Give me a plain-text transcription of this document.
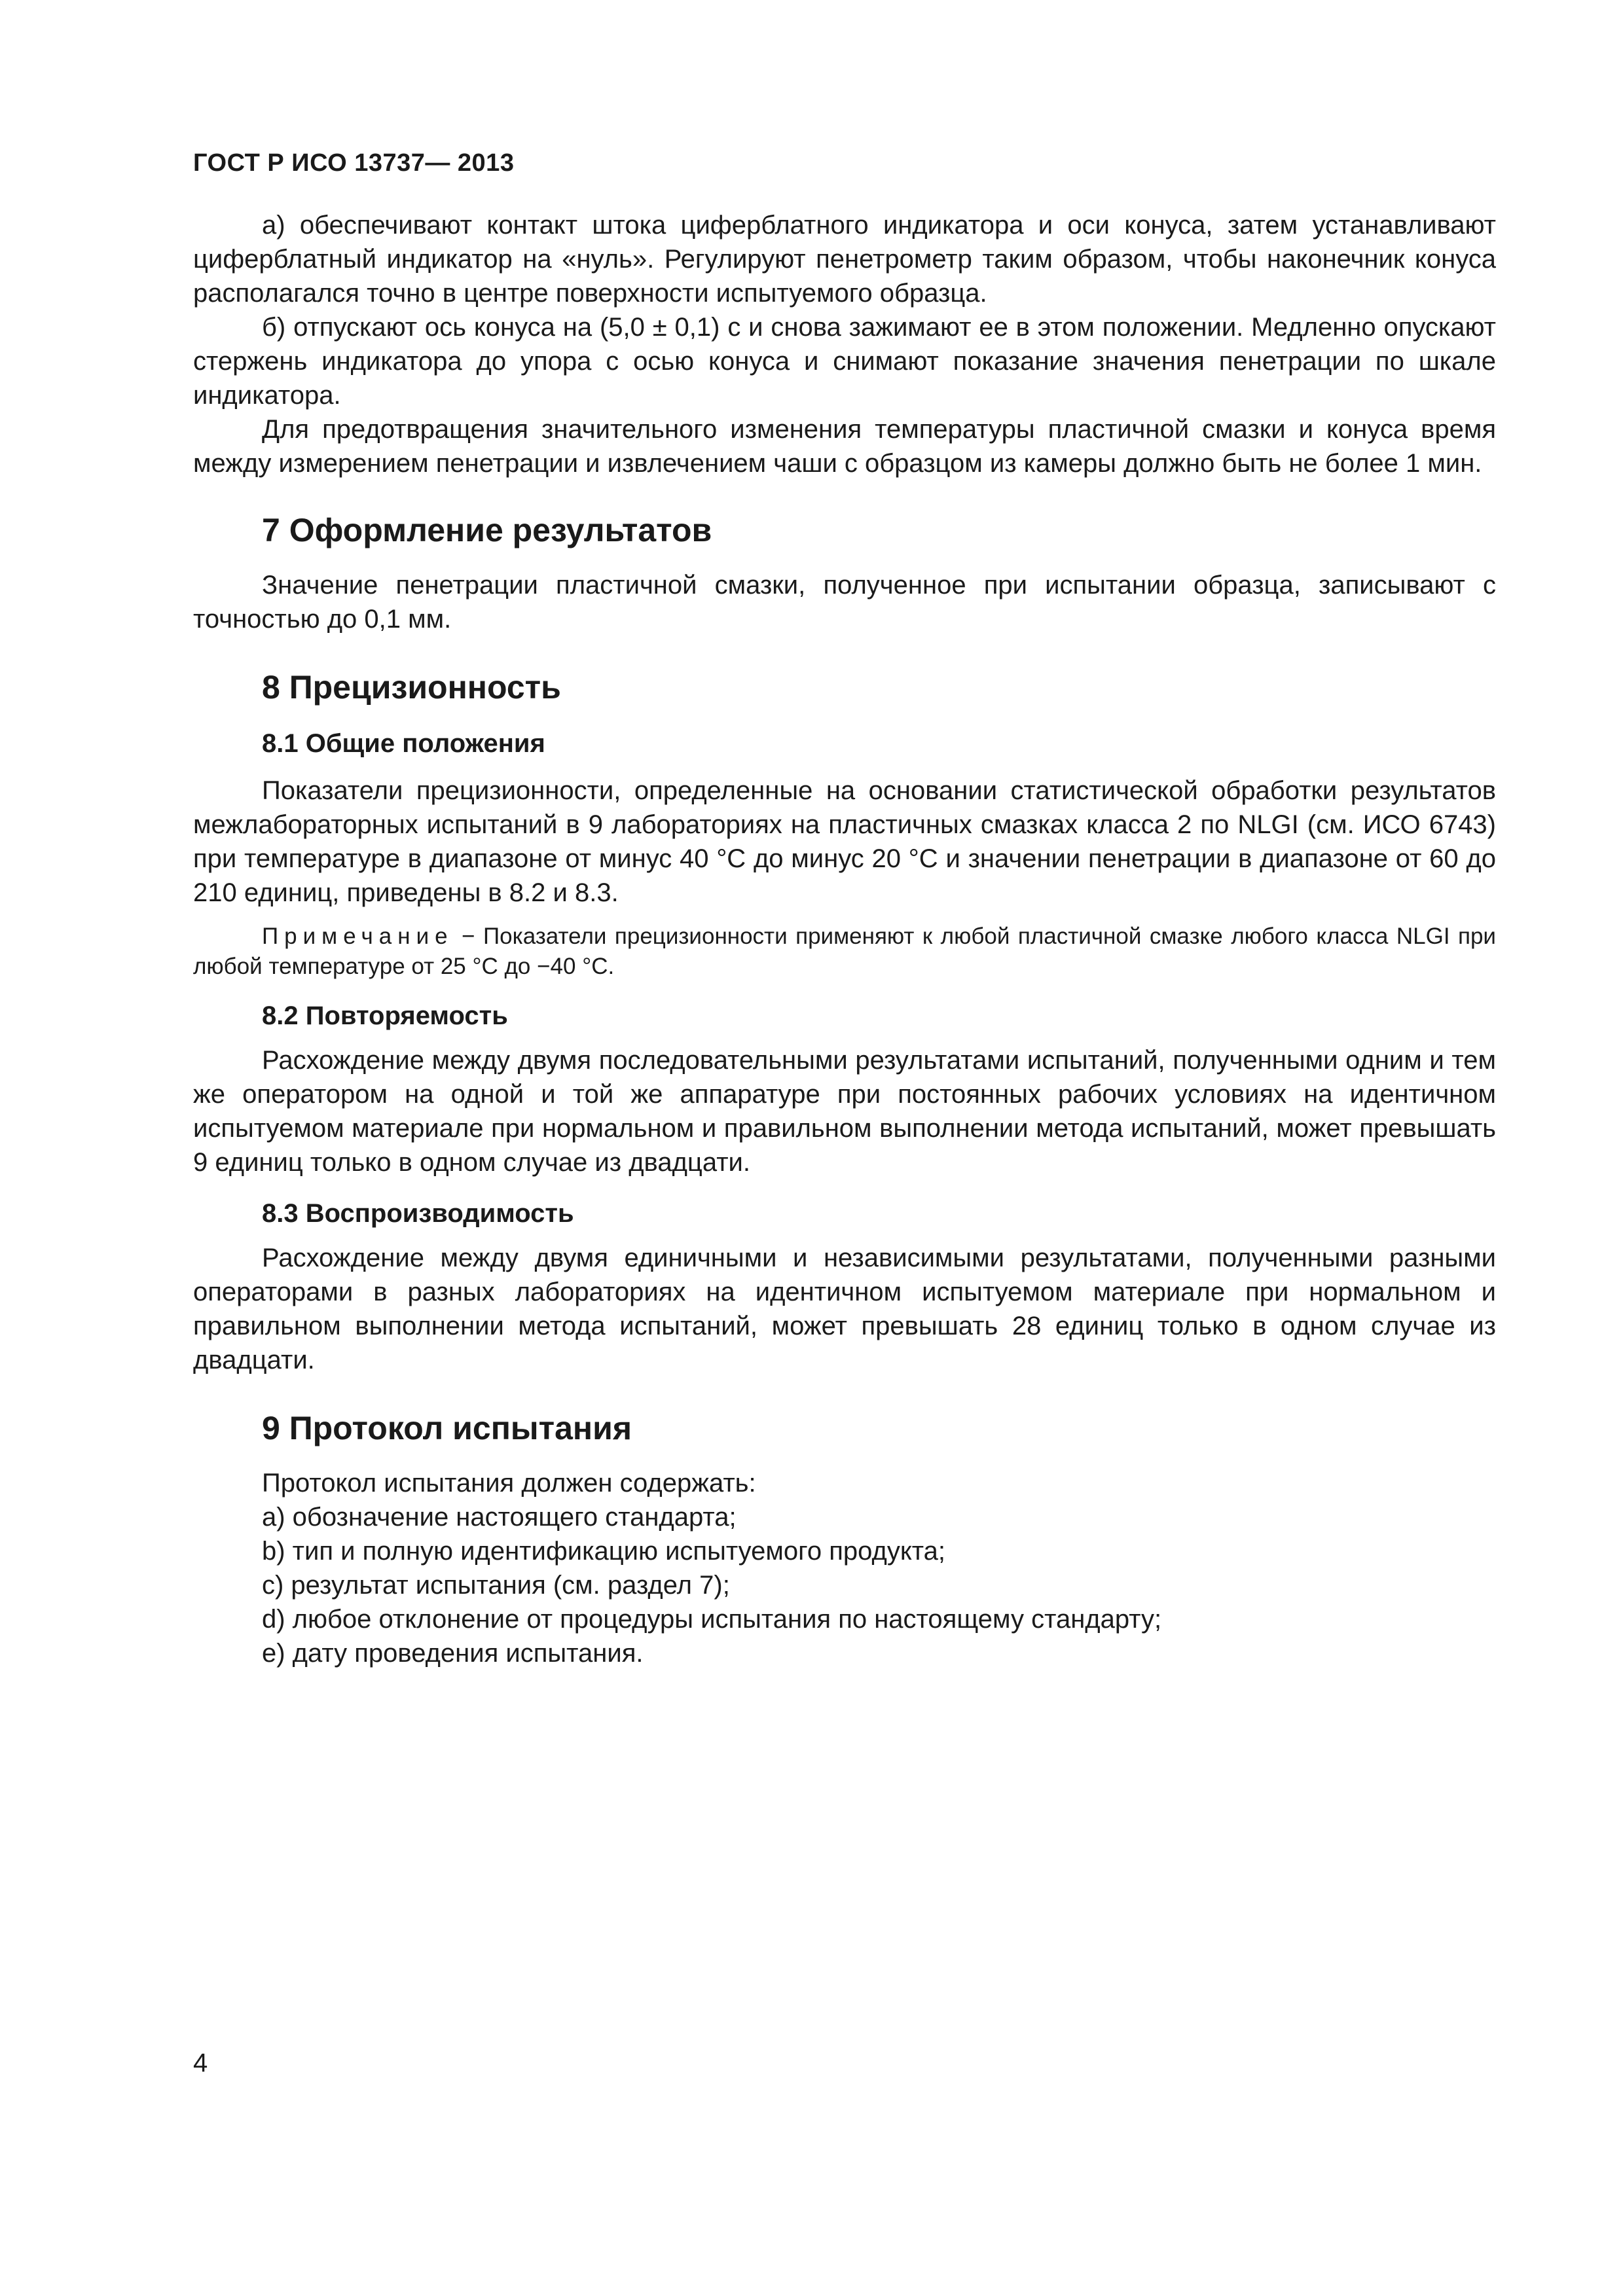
ГОСТ Р ИСО 13737— 2013

а) обеспечивают контакт штока циферблатного индикатора и оси конуса, затем устанавливают циферблатный индикатор на «нуль». Регулируют пенетрометр таким образом, чтобы наконечник конуса располагался точно в центре поверхности испытуемого образца.

б) отпускают ось конуса на (5,0 ± 0,1) с и снова зажимают ее в этом положении. Медленно опускают стержень индикатора до упора с осью конуса и снимают показание значения пенетрации по шкале индикатора.

Для предотвращения значительного изменения температуры пластичной смазки и конуса время между измерением пенетрации и извлечением чаши с образцом из камеры должно быть не более 1 мин.

7 Оформление результатов

Значение пенетрации пластичной смазки, полученное при испытании образца, записывают с точностью до 0,1 мм.

8 Прецизионность
8.1 Общие положения

Показатели прецизионности, определенные на основании статистической обработки результатов межлабораторных испытаний в 9 лабораториях на пластичных смазках класса 2 по NLGI (см. ИСО 6743) при температуре в диапазоне от минус 40 °С до минус 20 °С и значении пенетрации в диапазоне от 60 до 210 единиц, приведены в 8.2 и 8.3.

Примечание − Показатели прецизионности применяют к любой пластичной смазке любого класса NLGI при любой температуре от 25 °С до −40 °С.

8.2 Повторяемость

Расхождение между двумя последовательными результатами испытаний, полученными одним и тем же оператором на одной и той же аппаратуре при постоянных рабочих условиях на идентичном испытуемом материале при нормальном и правильном выполнении метода испытаний, может превышать 9 единиц только в одном случае из двадцати.

8.3 Воспроизводимость

Расхождение между двумя единичными и независимыми результатами, полученными разными операторами в разных лабораториях на идентичном испытуемом материале при нормальном и правильном выполнении метода испытаний, может превышать 28 единиц только в одном случае из двадцати.

9 Протокол испытания

Протокол испытания должен содержать:

а) обозначение настоящего стандарта;

b) тип и полную идентификацию испытуемого продукта;

c) результат испытания (см. раздел 7);

d) любое отклонение от процедуры испытания по настоящему стандарту;

е) дату проведения испытания.

4
